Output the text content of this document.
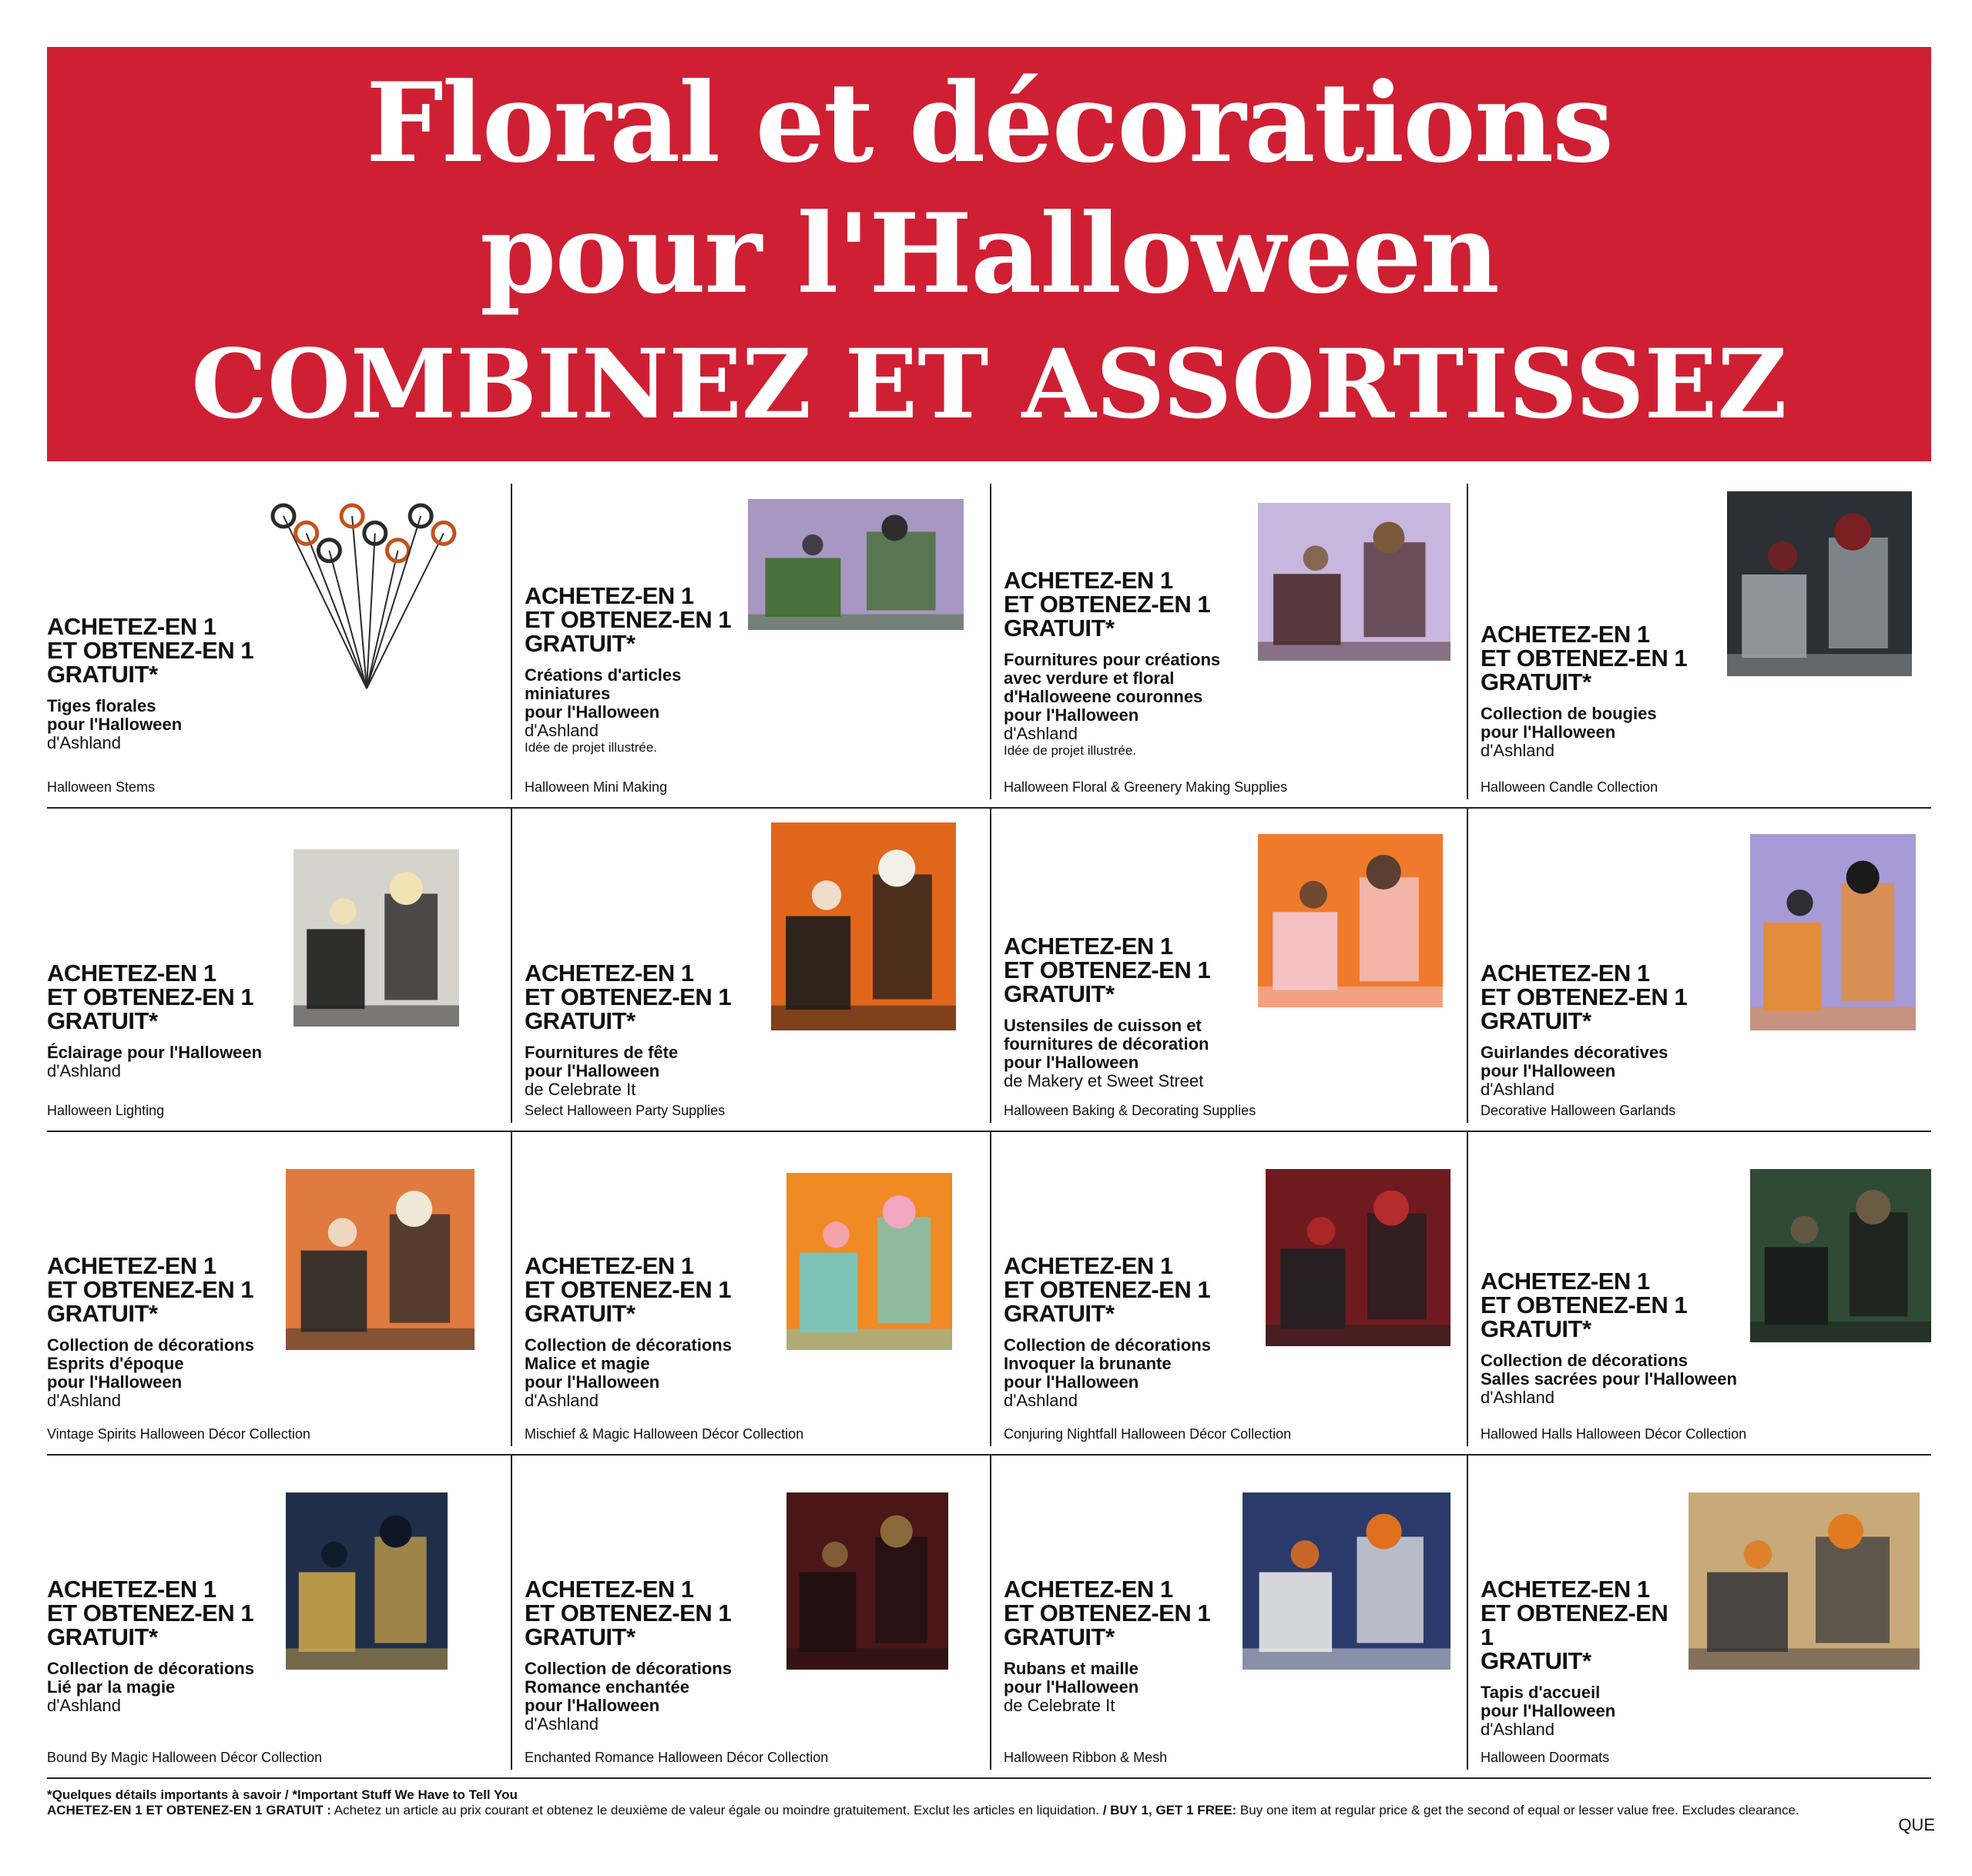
Floral et décorations
pour l'Halloween
COMBINEZ ET ASSORTISSEZ
ACHETEZ-EN 1
ET OBTENEZ-EN 1
GRATUIT*
Tiges florales
pour l'Halloween
d'Ashland
Halloween Stems
ACHETEZ-EN 1
ET OBTENEZ-EN 1
GRATUIT*
Créations d'articles miniatures
pour l'Halloween
d'Ashland
Idée de projet illustrée.
Halloween Mini Making
ACHETEZ-EN 1
ET OBTENEZ-EN 1
GRATUIT*
Fournitures pour créations
avec verdure et floral
d'Halloweene couronnes
pour l'Halloween
d'Ashland
Idée de projet illustrée.
Halloween Floral & Greenery Making Supplies
ACHETEZ-EN 1
ET OBTENEZ-EN 1
GRATUIT*
Collection de bougies
pour l'Halloween
d'Ashland
Halloween Candle Collection
ACHETEZ-EN 1
ET OBTENEZ-EN 1
GRATUIT*
Éclairage pour l'Halloween
d'Ashland
Halloween Lighting
ACHETEZ-EN 1
ET OBTENEZ-EN 1
GRATUIT*
Fournitures de fête
pour l'Halloween
de Celebrate It
Select Halloween Party Supplies
ACHETEZ-EN 1
ET OBTENEZ-EN 1
GRATUIT*
Ustensiles de cuisson et
fournitures de décoration
pour l'Halloween
de Makery et Sweet Street
Halloween Baking & Decorating Supplies
ACHETEZ-EN 1
ET OBTENEZ-EN 1
GRATUIT*
Guirlandes décoratives
pour l'Halloween
d'Ashland
Decorative Halloween Garlands
ACHETEZ-EN 1
ET OBTENEZ-EN 1
GRATUIT*
Collection de décorations
Esprits d'époque
pour l'Halloween
d'Ashland
Vintage Spirits Halloween Décor Collection
ACHETEZ-EN 1
ET OBTENEZ-EN 1
GRATUIT*
Collection de décorations
Malice et magie
pour l'Halloween
d'Ashland
Mischief & Magic Halloween Décor Collection
ACHETEZ-EN 1
ET OBTENEZ-EN 1
GRATUIT*
Collection de décorations
Invoquer la brunante
pour l'Halloween
d'Ashland
Conjuring Nightfall Halloween Décor Collection
ACHETEZ-EN 1
ET OBTENEZ-EN 1
GRATUIT*
Collection de décorations
Salles sacrées pour l'Halloween
d'Ashland
Hallowed Halls Halloween Décor Collection
ACHETEZ-EN 1
ET OBTENEZ-EN 1
GRATUIT*
Collection de décorations
Lié par la magie
d'Ashland
Bound By Magic Halloween Décor Collection
ACHETEZ-EN 1
ET OBTENEZ-EN 1
GRATUIT*
Collection de décorations
Romance enchantée
pour l'Halloween
d'Ashland
Enchanted Romance Halloween Décor Collection
ACHETEZ-EN 1
ET OBTENEZ-EN 1
GRATUIT*
Rubans et maille
pour l'Halloween
de Celebrate It
Halloween Ribbon & Mesh
ACHETEZ-EN 1
ET OBTENEZ-EN 1
GRATUIT*
Tapis d'accueil
pour l'Halloween
d'Ashland
Halloween Doormats
*Quelques détails importants à savoir / *Important Stuff We Have to Tell You
ACHETEZ-EN 1 ET OBTENEZ-EN 1 GRATUIT : Achetez un article au prix courant et obtenez le deuxième de valeur égale ou moindre gratuitement. Exclut les articles en liquidation. / BUY 1, GET 1 FREE: Buy one item at regular price & get the second of equal or lesser value free. Excludes clearance.
QUE
